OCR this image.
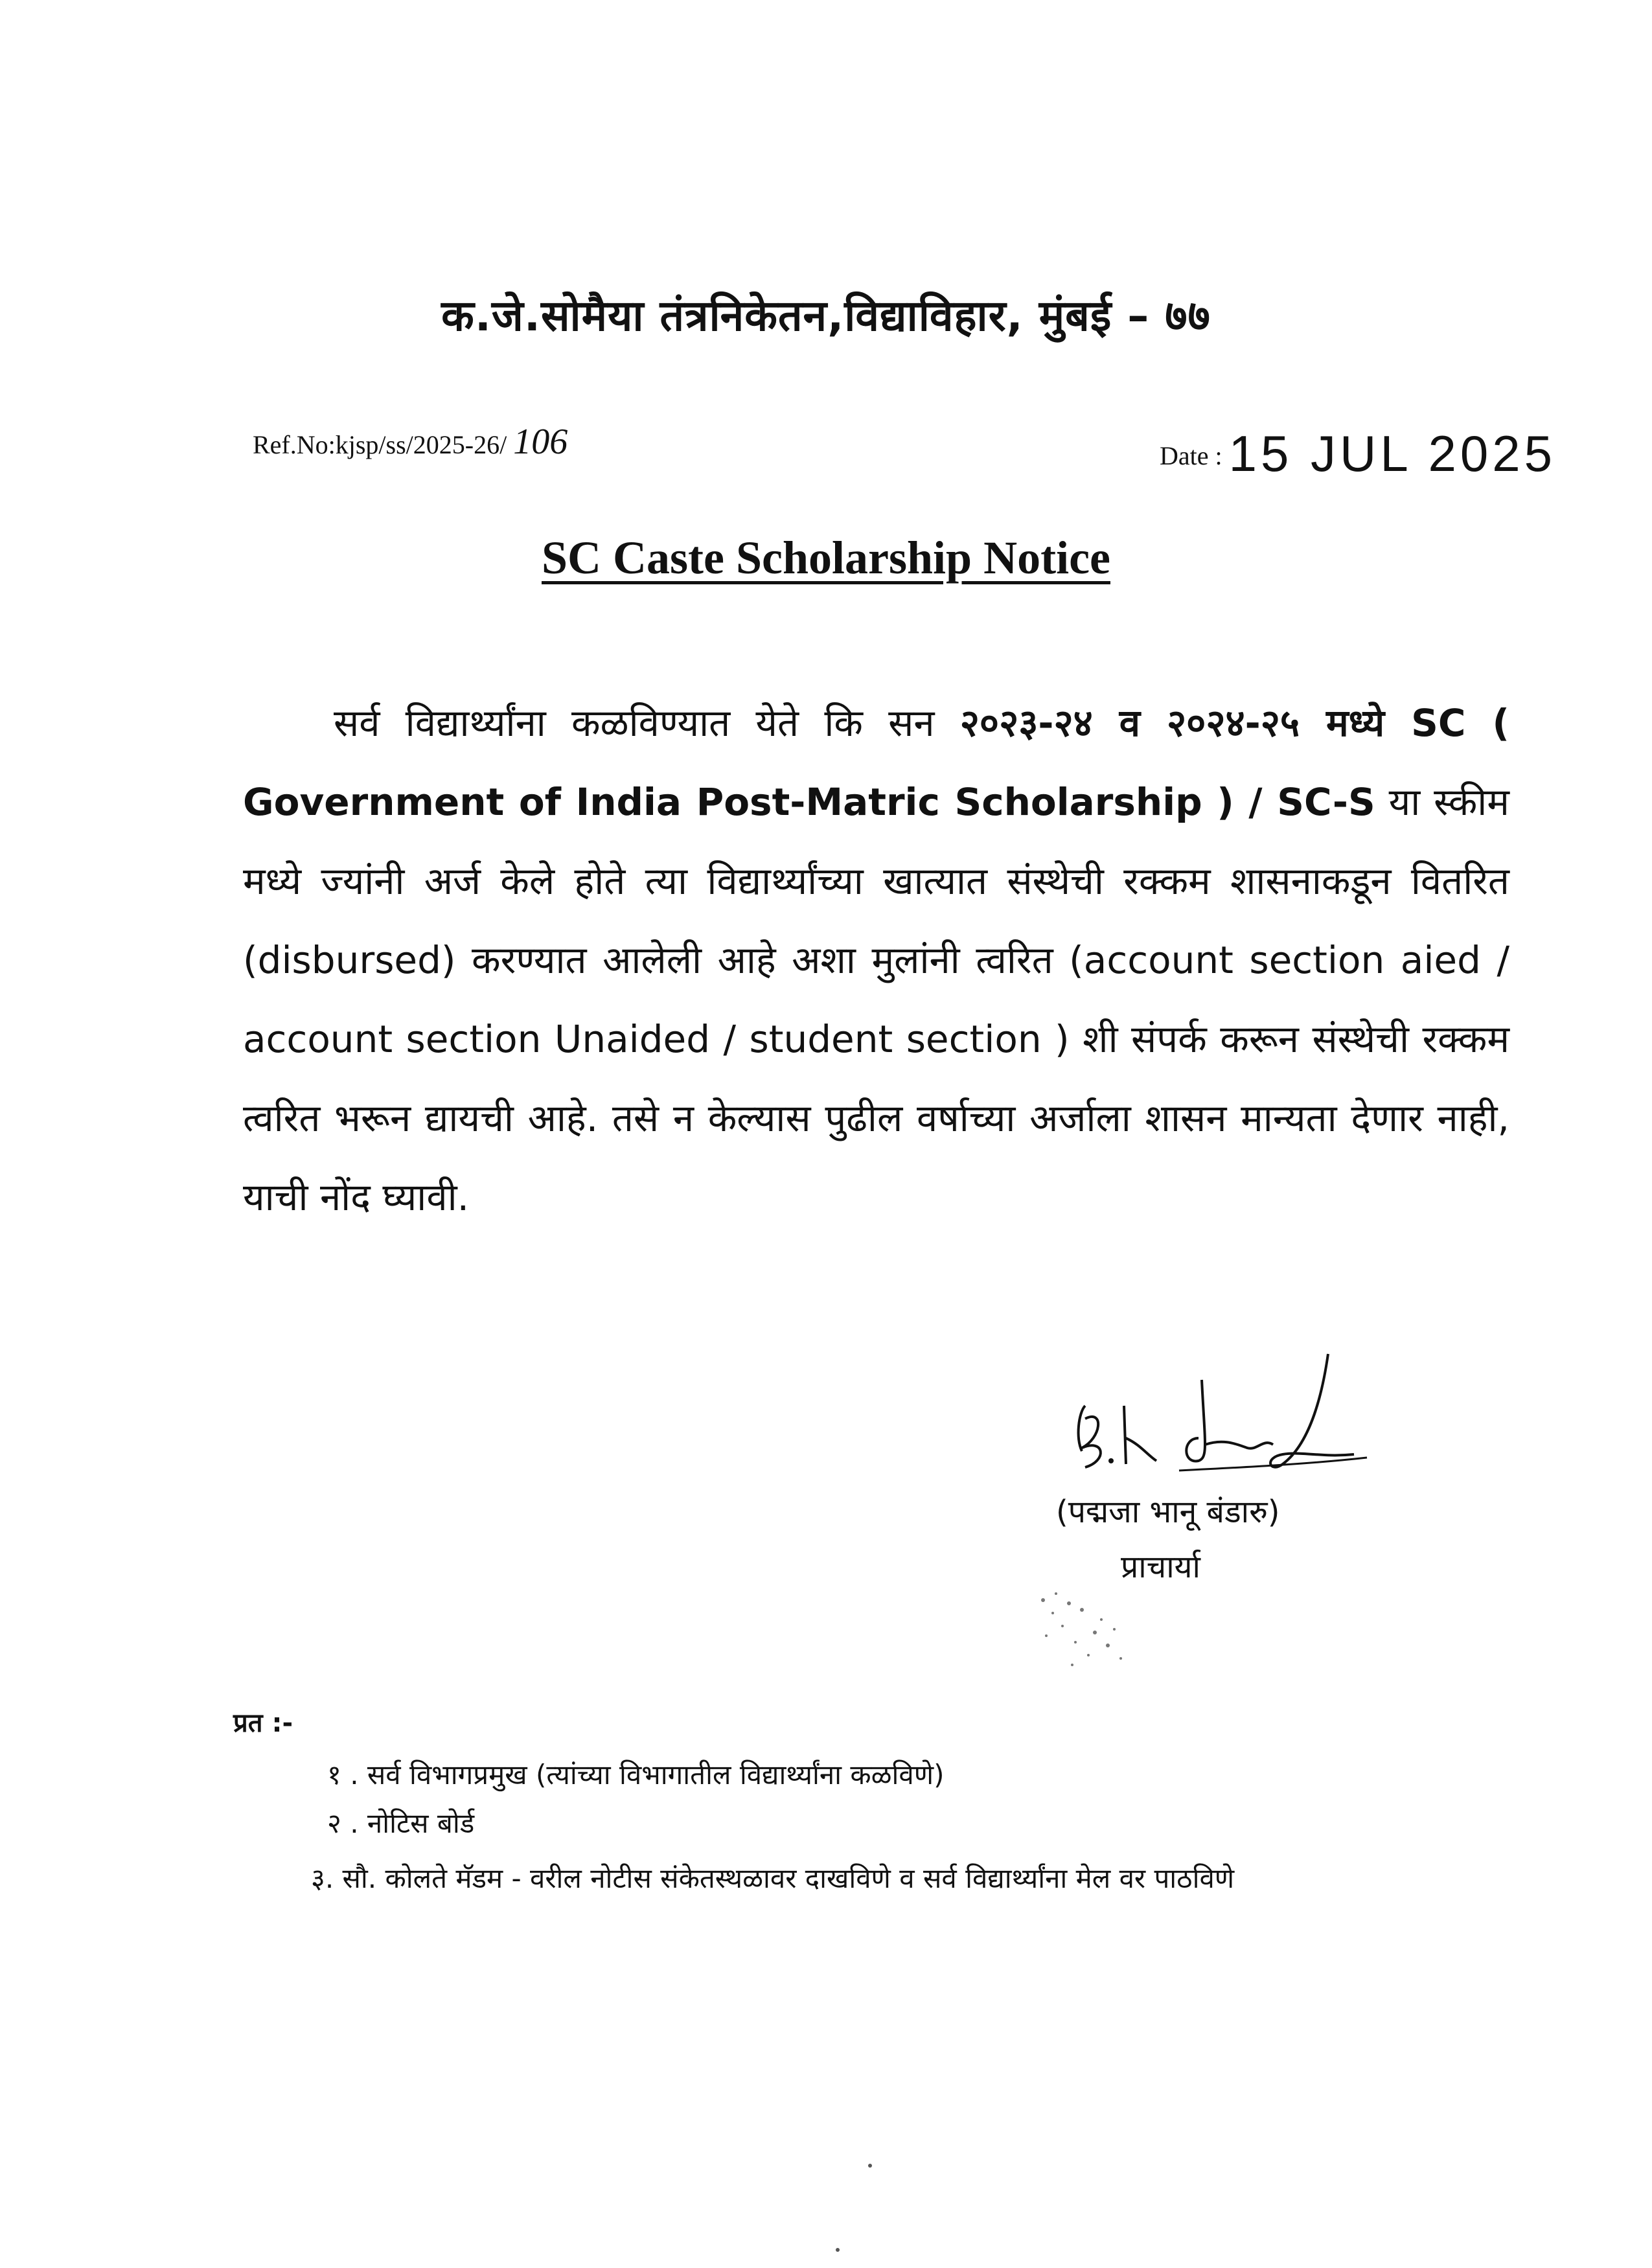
क.जे.सोमैया तंत्रनिकेतन,विद्याविहार, मुंबई – ७७
Ref.No:kjsp/ss/2025-26/ 106	Date : 15 JUL 2025
SC Caste Scholarship Notice
सर्व विद्यार्थ्यांना कळविण्यात येते कि सन २०२३-२४ व २०२४-२५ मध्ये SC ( Government of India Post-Matric Scholarship ) / SC-S या स्कीम मध्ये ज्यांनी अर्ज केले होते त्या विद्यार्थ्यांच्या खात्यात संस्थेची रक्कम शासनाकडून वितरित (disbursed) करण्यात आलेली आहे अशा मुलांनी त्वरित (account section aied / account section Unaided / student section ) शी संपर्क करून संस्थेची रक्कम त्वरित भरून द्यायची आहे. तसे न केल्यास पुढील वर्षाच्या अर्जाला शासन मान्यता देणार नाही, याची नोंद घ्यावी.
(पद्मजा भानू बंडारु)
प्राचार्या
प्रत :-
१ . सर्व विभागप्रमुख (त्यांच्या विभागातील विद्यार्थ्यांना कळविणे)
२ . नोटिस बोर्ड
३. सौ. कोलते मॅडम - वरील नोटीस संकेतस्थळावर दाखविणे व सर्व विद्यार्थ्यांना मेल वर पाठविणे
